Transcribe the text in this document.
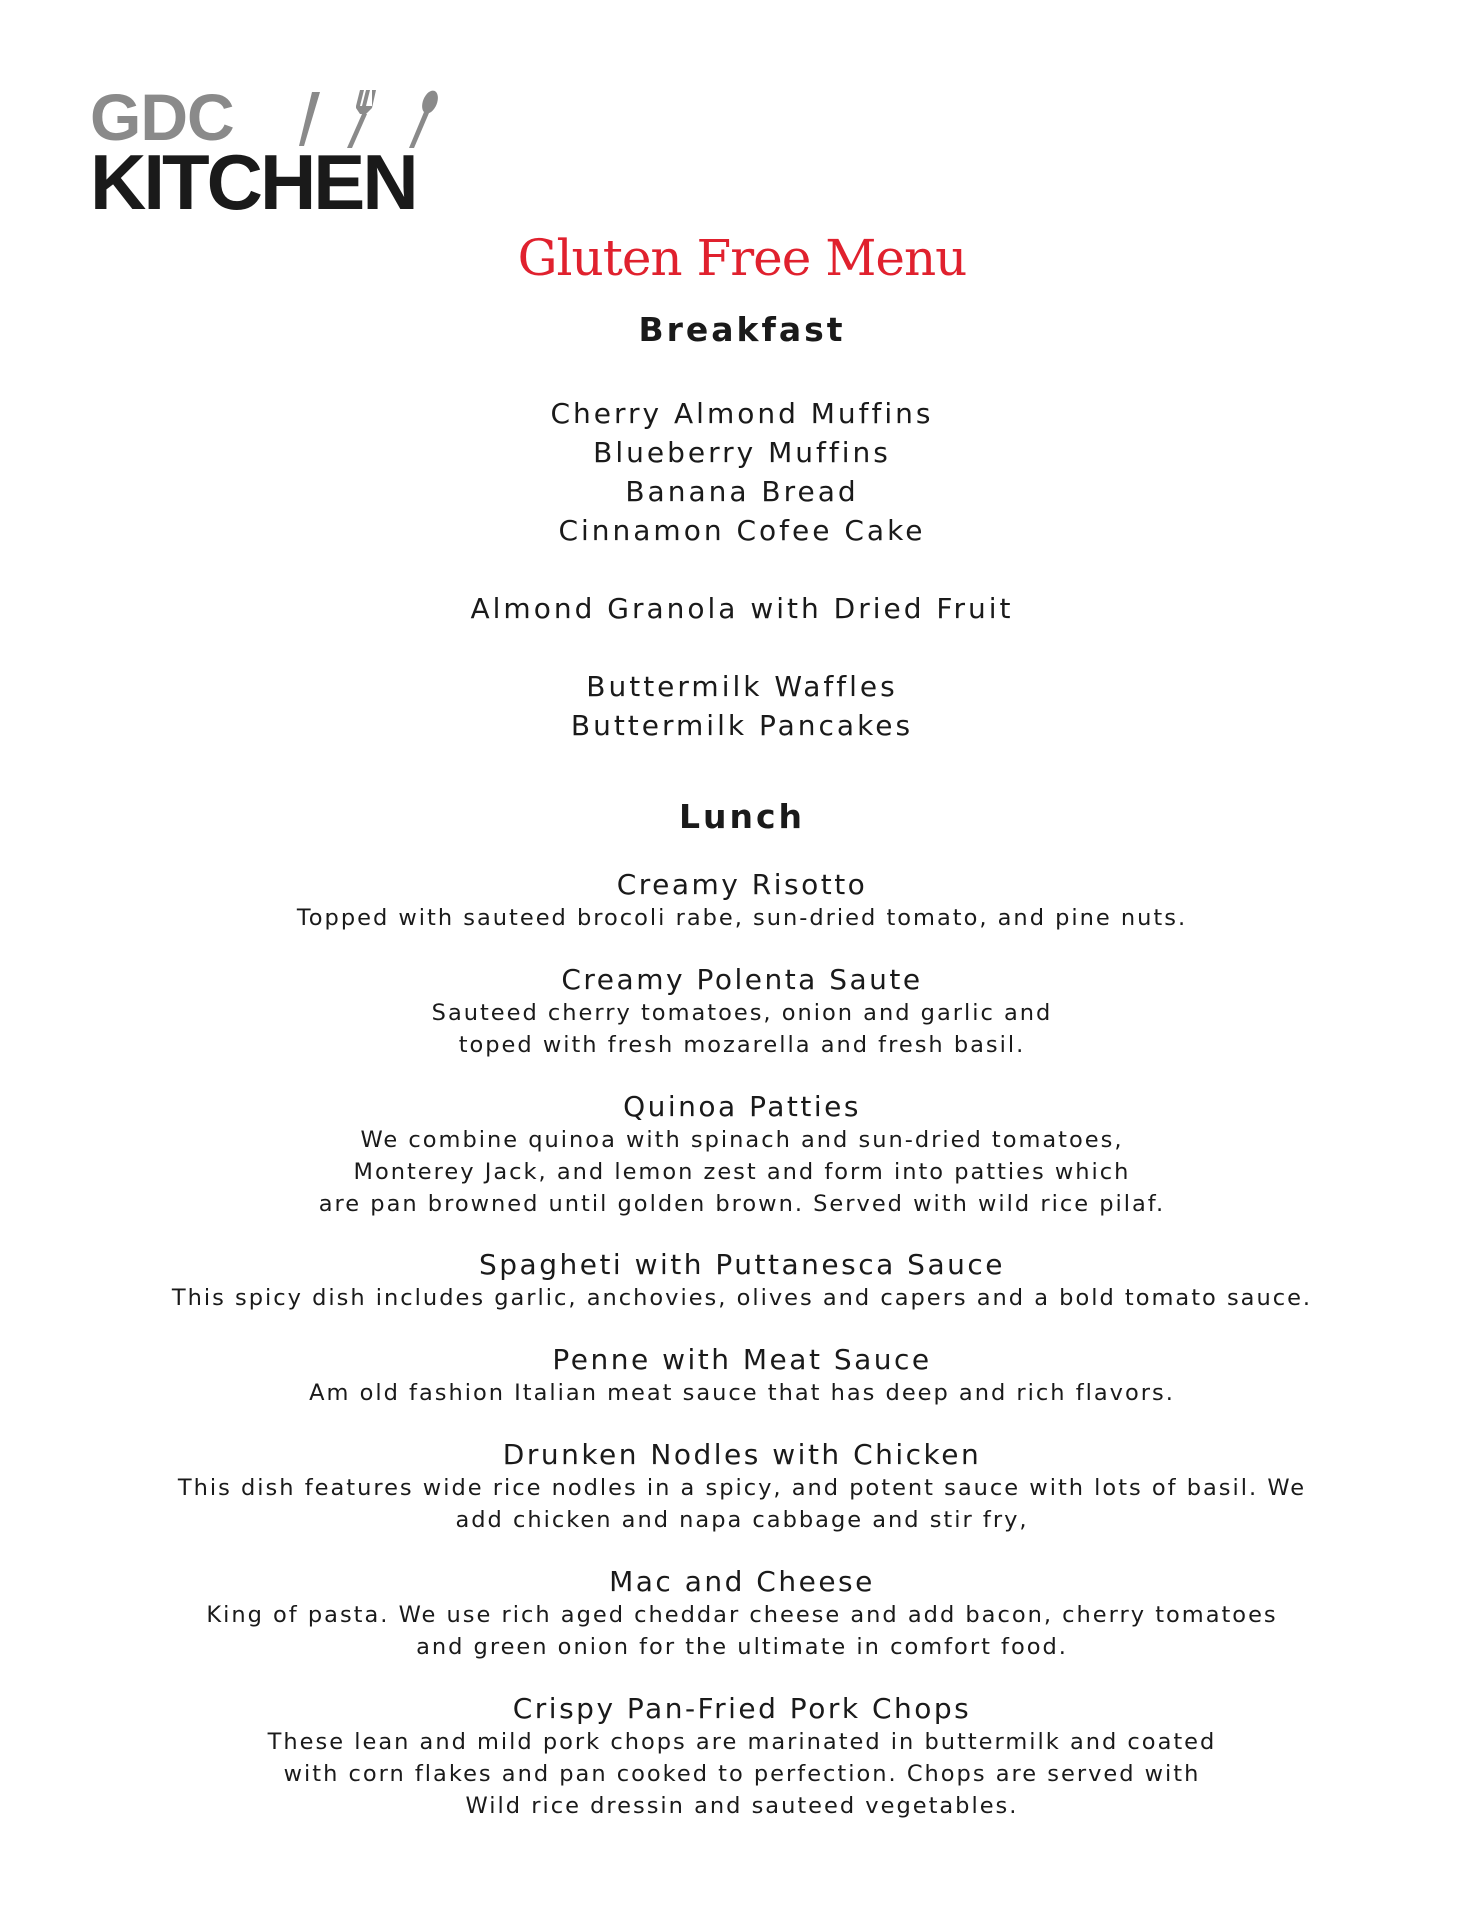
GDC
KITCHEN
Gluten Free Menu
Breakfast

Cherry Almond Muffins

Blueberry Muffins

Banana Bread

Cinnamon Cofee Cake

Almond Granola with Dried Fruit

Buttermilk Waffles

Buttermilk Pancakes

Lunch

Creamy Risotto

Topped with sauteed brocoli rabe, sun-dried tomato, and pine nuts.

Creamy Polenta Saute

Sauteed cherry tomatoes, onion and garlic and

toped with fresh mozarella and fresh basil.

Quinoa Patties

We combine quinoa with spinach and sun-dried tomatoes,

Monterey Jack, and lemon zest and form into patties which

are pan browned until golden brown. Served with wild rice pilaf.

Spagheti with Puttanesca Sauce

This spicy dish includes garlic, anchovies, olives and capers and a bold tomato sauce.

Penne with Meat Sauce

Am old fashion Italian meat sauce that has deep and rich flavors.

Drunken Nodles with Chicken

This dish features wide rice nodles in a spicy, and potent sauce with lots of basil. We

add chicken and napa cabbage and stir fry,

Mac and Cheese

King of pasta. We use rich aged cheddar cheese and add bacon, cherry tomatoes

and green onion for the ultimate in comfort food.

Crispy Pan-Fried Pork Chops

These lean and mild pork chops are marinated in buttermilk and coated

with corn flakes and pan cooked to perfection. Chops are served with

Wild rice dressin and sauteed vegetables.
